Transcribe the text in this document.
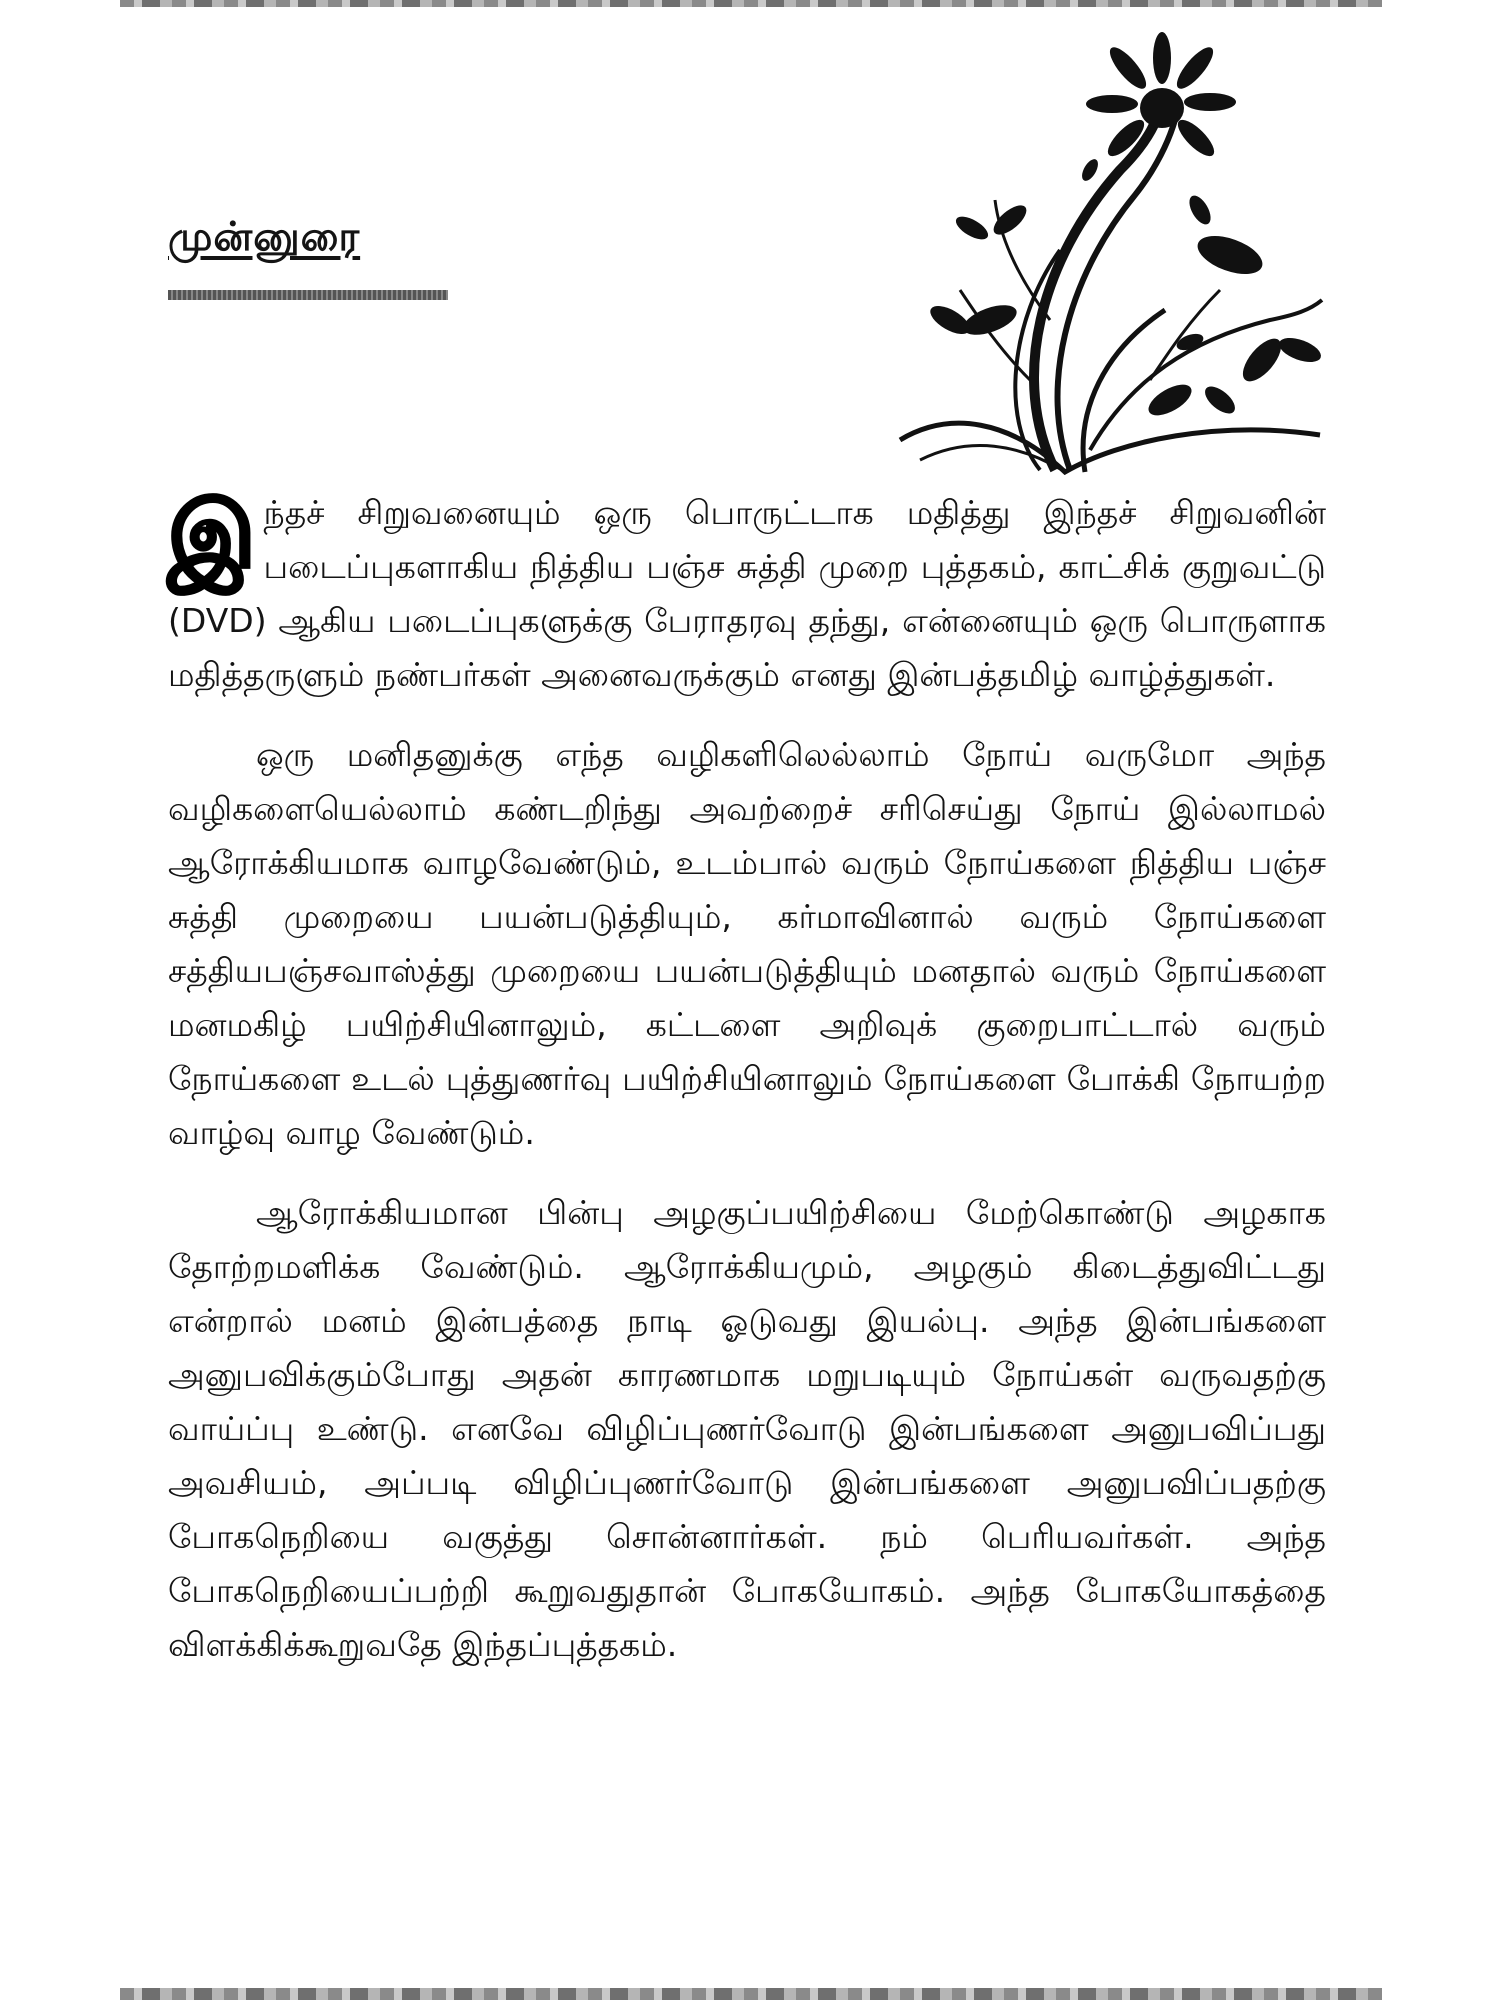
முன்னுரை

இந்தச் சிறுவனையும் ஒரு பொருட்டாக மதித்து இந்தச் சிறுவனின் படைப்புகளாகிய நித்திய பஞ்ச சுத்தி முறை புத்தகம், காட்சிக் குறுவட்டு (DVD) ஆகிய படைப்புகளுக்கு பேராதரவு தந்து, என்னையும் ஒரு பொருளாக மதித்தருளும் நண்பர்கள் அனைவருக்கும் எனது இன்பத்தமிழ் வாழ்த்துகள்.

ஒரு மனிதனுக்கு எந்த வழிகளிலெல்லாம் நோய் வருமோ அந்த வழிகளையெல்லாம் கண்டறிந்து அவற்றைச் சரிசெய்து நோய் இல்லாமல் ஆரோக்கியமாக வாழவேண்டும், உடம்பால் வரும் நோய்களை நித்திய பஞ்ச சுத்தி முறையை பயன்படுத்தியும், கர்மாவினால் வரும் நோய்களை சத்தியபஞ்சவாஸ்த்து முறையை பயன்படுத்தியும் மனதால் வரும் நோய்களை மனமகிழ் பயிற்சியினாலும், கட்டளை அறிவுக் குறைபாட்டால் வரும் நோய்களை உடல் புத்துணர்வு பயிற்சியினாலும் நோய்களை போக்கி நோயற்ற வாழ்வு வாழ வேண்டும்.

ஆரோக்கியமான பின்பு அழகுப்பயிற்சியை மேற்கொண்டு அழகாக தோற்றமளிக்க வேண்டும். ஆரோக்கியமும், அழகும் கிடைத்துவிட்டது என்றால் மனம் இன்பத்தை நாடி ஓடுவது இயல்பு. அந்த இன்பங்களை அனுபவிக்கும்போது அதன் காரணமாக மறுபடியும் நோய்கள் வருவதற்கு வாய்ப்பு உண்டு. எனவே விழிப்புணர்வோடு இன்பங்களை அனுபவிப்பது அவசியம், அப்படி விழிப்புணர்வோடு இன்பங்களை அனுபவிப்பதற்கு போகநெறியை வகுத்து சொன்னார்கள். நம் பெரியவர்கள். அந்த போகநெறியைப்பற்றி கூறுவதுதான் போகயோகம். அந்த போகயோகத்தை விளக்கிக்கூறுவதே இந்தப்புத்தகம்.
